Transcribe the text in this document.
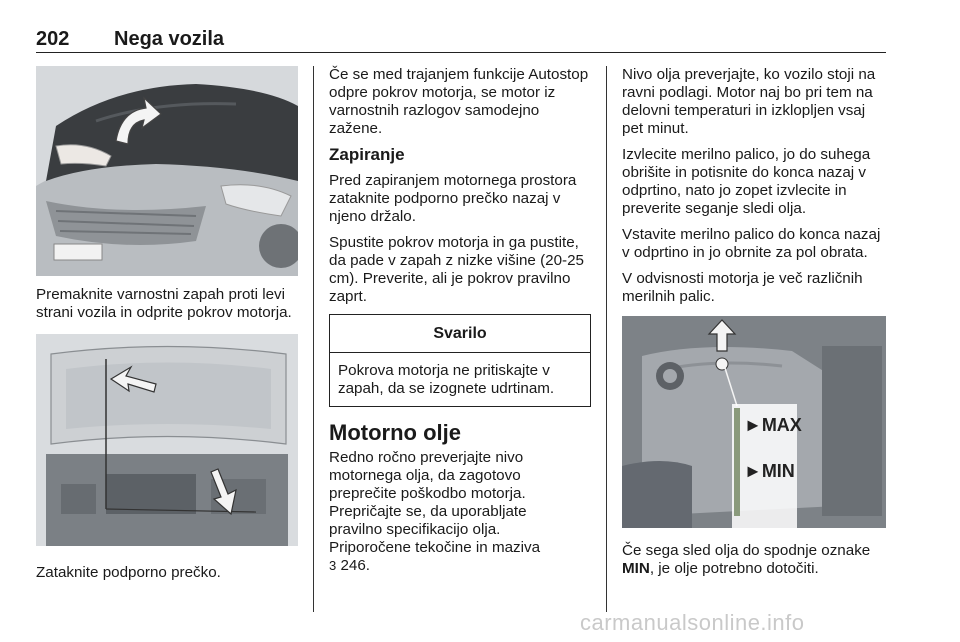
202 Nega vozila

Premaknite varnostni zapah proti levi strani vozila in odprite pokrov motorja.

Zataknite podporno prečko.

Če se med trajanjem funkcije Autostop odpre pokrov motorja, se motor iz varnostnih razlogov samodejno zažene.

Zapiranje

Pred zapiranjem motornega prostora zataknite podporno prečko nazaj v njeno držalo.

Spustite pokrov motorja in ga pustite, da pade v zapah z nizke višine (20-25 cm). Preverite, ali je pokrov pravilno zaprt.

Svarilo
Pokrova motorja ne pritiskajte v zapah, da se izognete udrtinam.
Motorno olje

Redno ročno preverjajte nivo

motornega olja, da zagotovo

preprečite poškodbo motorja.

Prepričajte se, da uporabljate

pravilno specifikacijo olja.

Priporočene tekočine in maziva

3 246.

Nivo olja preverjajte, ko vozilo stoji na ravni podlagi. Motor naj bo pri tem na delovni temperaturi in izklopljen vsaj pet minut.

Izvlecite merilno palico, jo do suhega obrišite in potisnite do konca nazaj v odprtino, nato jo zopet izvlecite in preverite seganje sledi olja.

Vstavite merilno palico do konca nazaj v odprtino in jo obrnite za pol obrata.

V odvisnosti motorja je več različnih merilnih palic.

►MAX
►MIN

Če sega sled olja do spodnje oznake MIN, je olje potrebno dotočiti.

carmanualsonline.info
